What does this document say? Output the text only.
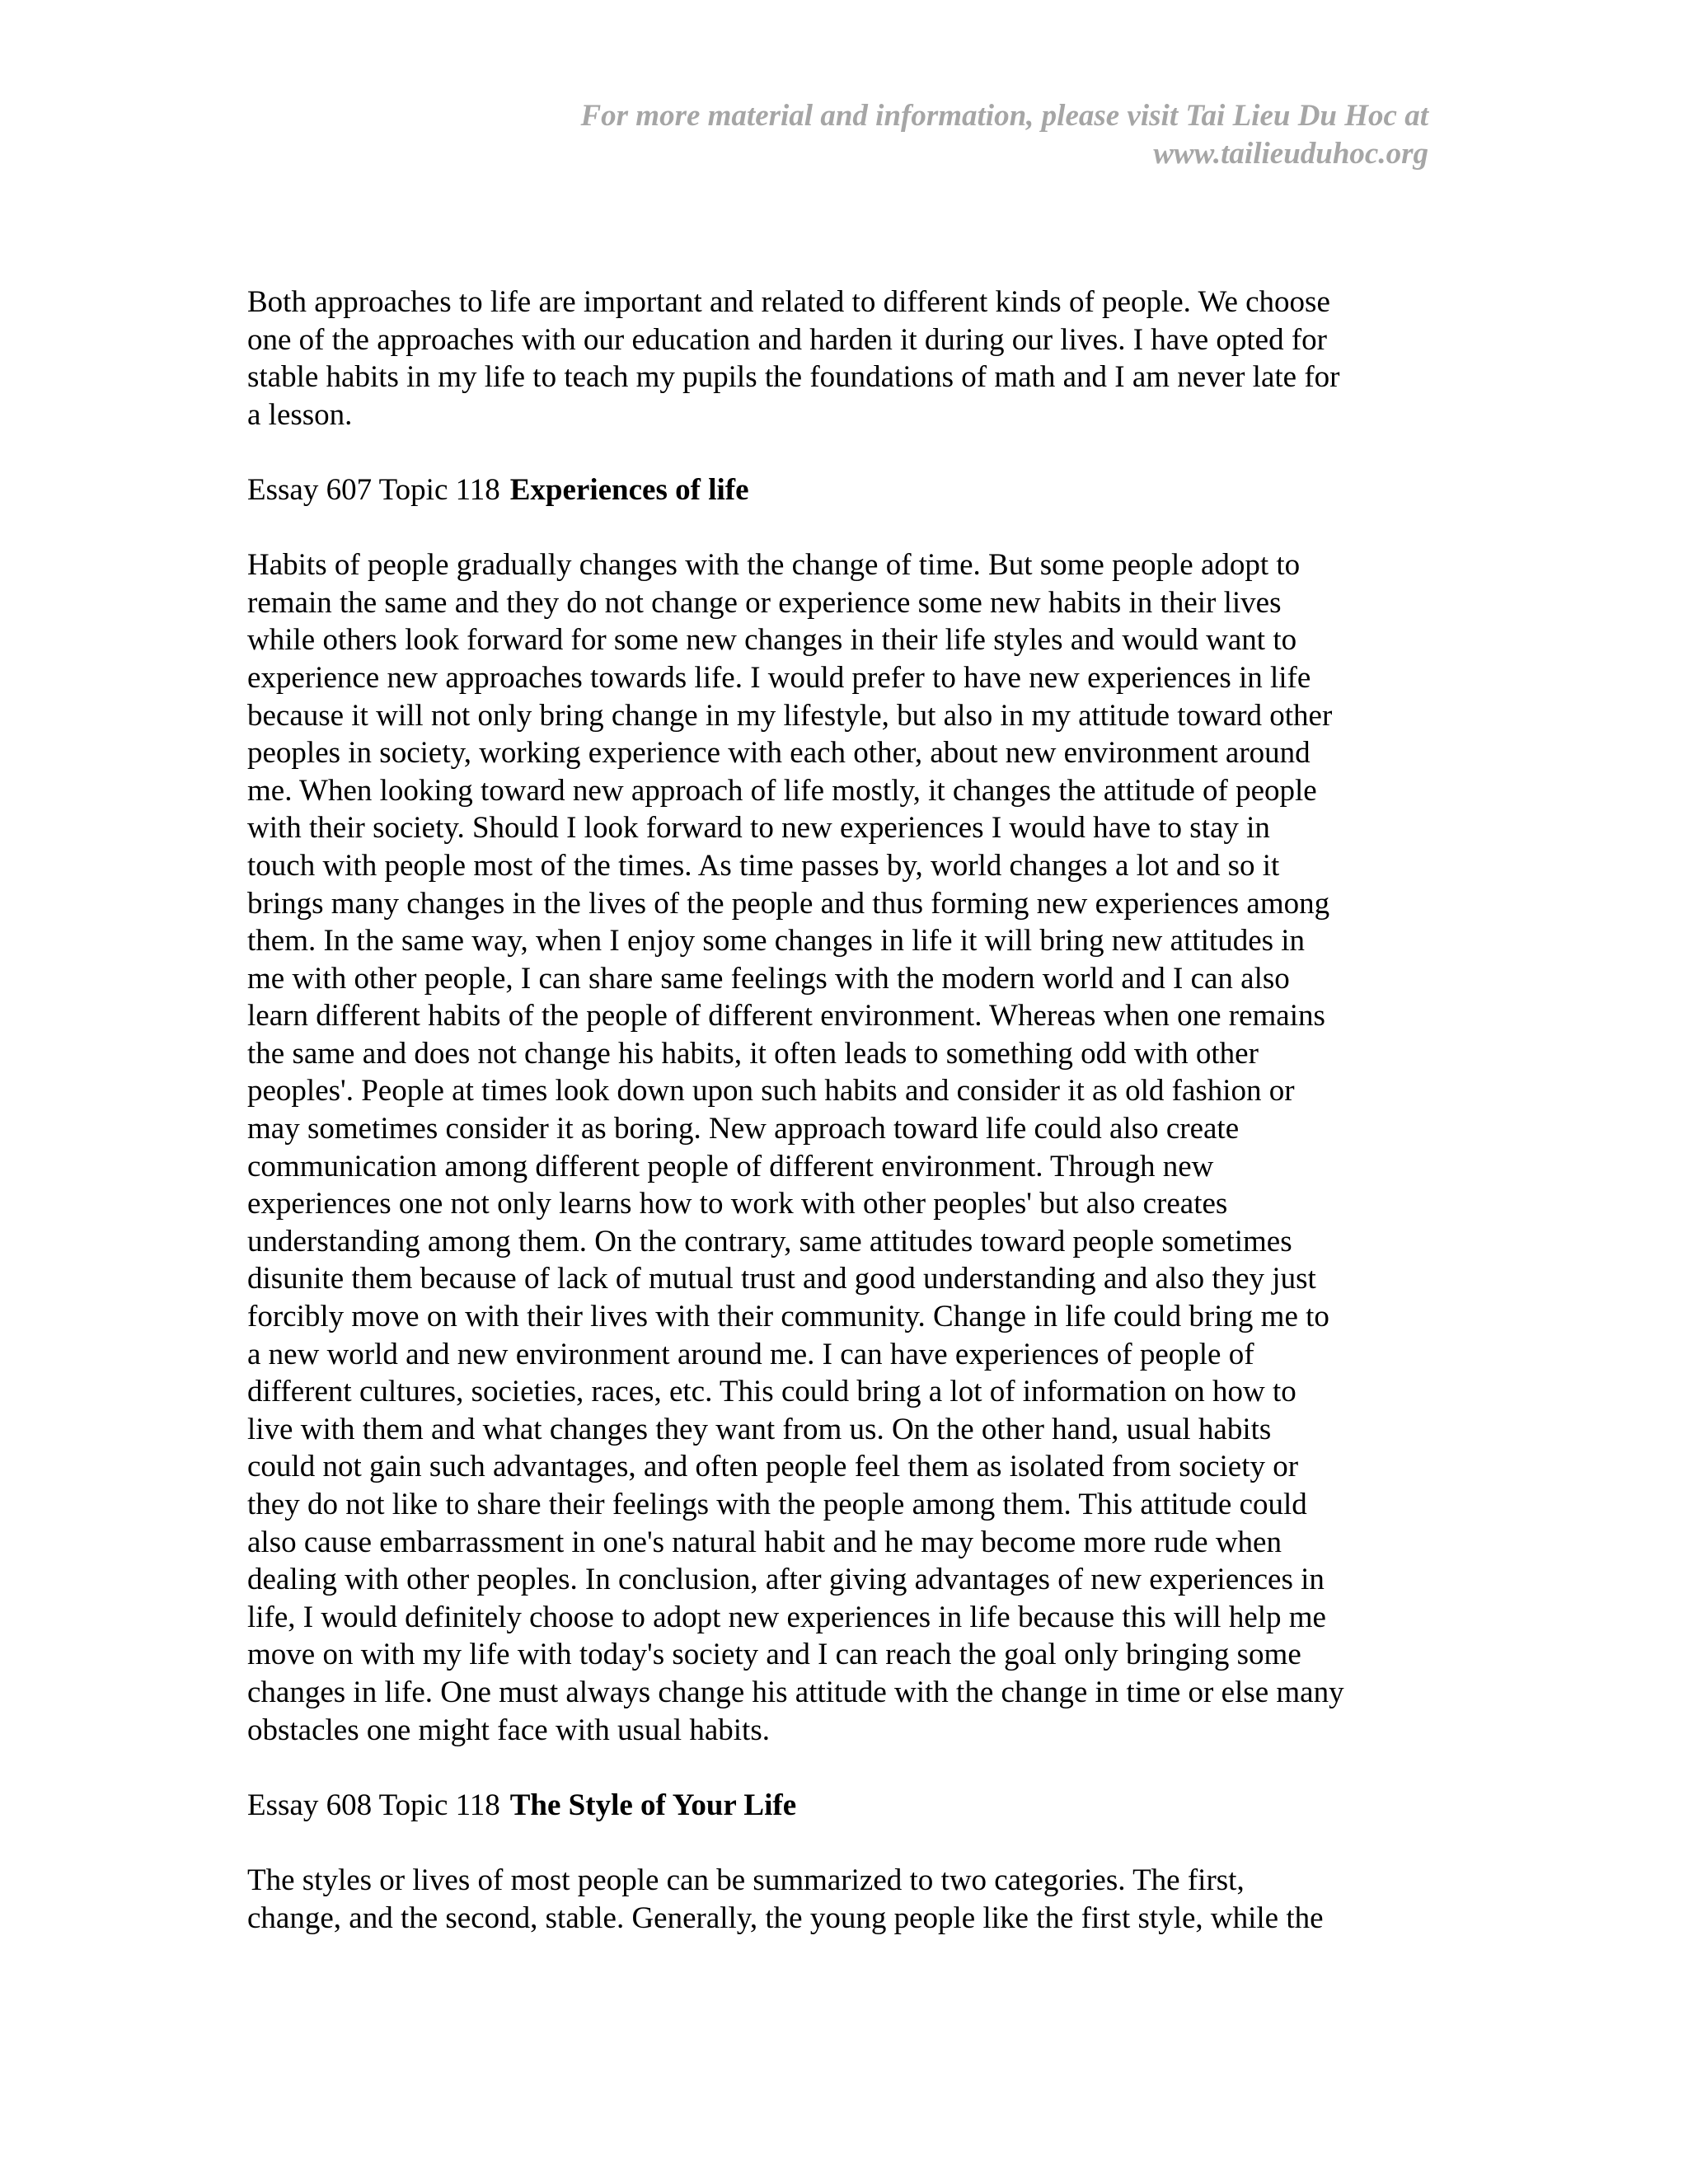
For more material and information, please visit Tai Lieu Du Hoc at
www.tailieuduhoc.org
Both approaches to life are important and related to different kinds of people. We choose
one of the approaches with our education and harden it during our lives. I have opted for
stable habits in my life to teach my pupils the foundations of math and I am never late for
a lesson.
Essay 607 Topic 118 Experiences of life
Habits of people gradually changes with the change of time. But some people adopt to
remain the same and they do not change or experience some new habits in their lives
while others look forward for some new changes in their life styles and would want to
experience new approaches towards life. I would prefer to have new experiences in life
because it will not only bring change in my lifestyle, but also in my attitude toward other
peoples in society, working experience with each other, about new environment around
me. When looking toward new approach of life mostly, it changes the attitude of people
with their society. Should I look forward to new experiences I would have to stay in
touch with people most of the times. As time passes by, world changes a lot and so it
brings many changes in the lives of the people and thus forming new experiences among
them. In the same way, when I enjoy some changes in life it will bring new attitudes in
me with other people, I can share same feelings with the modern world and I can also
learn different habits of the people of different environment. Whereas when one remains
the same and does not change his habits, it often leads to something odd with other
peoples'. People at times look down upon such habits and consider it as old fashion or
may sometimes consider it as boring. New approach toward life could also create
communication among different people of different environment. Through new
experiences one not only learns how to work with other peoples' but also creates
understanding among them. On the contrary, same attitudes toward people sometimes
disunite them because of lack of mutual trust and good understanding and also they just
forcibly move on with their lives with their community. Change in life could bring me to
a new world and new environment around me. I can have experiences of people of
different cultures, societies, races, etc. This could bring a lot of information on how to
live with them and what changes they want from us. On the other hand, usual habits
could not gain such advantages, and often people feel them as isolated from society or
they do not like to share their feelings with the people among them. This attitude could
also cause embarrassment in one's natural habit and he may become more rude when
dealing with other peoples. In conclusion, after giving advantages of new experiences in
life, I would definitely choose to adopt new experiences in life because this will help me
move on with my life with today's society and I can reach the goal only bringing some
changes in life. One must always change his attitude with the change in time or else many
obstacles one might face with usual habits.
Essay 608 Topic 118 The Style of Your Life
The styles or lives of most people can be summarized to two categories. The first,
change, and the second, stable. Generally, the young people like the first style, while the
